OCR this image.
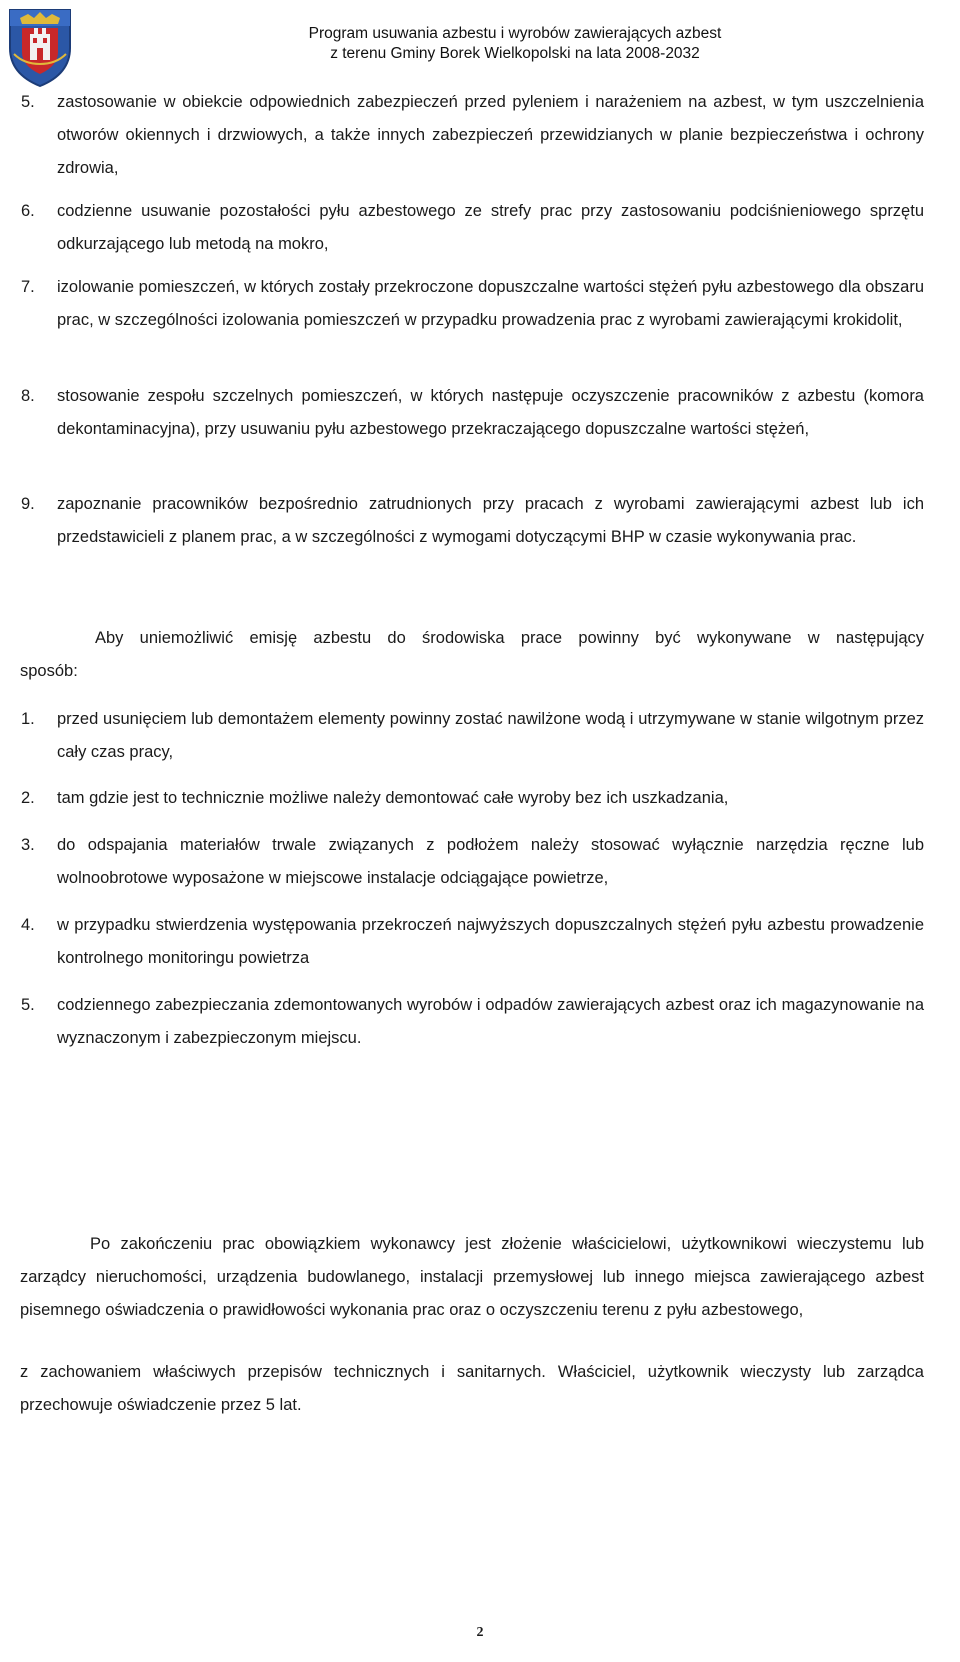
Program usuwania azbestu i wyrobów zawierających azbest
z terenu Gminy Borek Wielkopolski na lata 2008-2032
5. zastosowanie w obiekcie odpowiednich zabezpieczeń przed pyleniem i narażeniem na azbest, w tym uszczelnienia otworów okiennych i drzwiowych, a także innych zabezpieczeń przewidzianych w planie bezpieczeństwa i ochrony zdrowia,
6. codzienne usuwanie pozostałości pyłu azbestowego ze strefy prac przy zastosowaniu podciśnieniowego sprzętu odkurzającego lub metodą na mokro,
7. izolowanie pomieszczeń, w których zostały przekroczone dopuszczalne wartości stężeń pyłu azbestowego dla obszaru prac, w szczególności izolowania pomieszczeń w przypadku prowadzenia prac z wyrobami zawierającymi krokidolit,
8. stosowanie zespołu szczelnych pomieszczeń, w których następuje oczyszczenie pracowników z azbestu (komora dekontaminacyjna), przy usuwaniu pyłu azbestowego przekraczającego dopuszczalne wartości stężeń,
9. zapoznanie pracowników bezpośrednio zatrudnionych przy pracach z wyrobami zawierającymi azbest lub ich przedstawicieli z planem prac, a w szczególności z wymogami dotyczącymi BHP w czasie wykonywania prac.
Aby uniemożliwić emisję azbestu do środowiska prace powinny być wykonywane w następujący
sposób:
1. przed usunięciem lub demontażem elementy powinny zostać nawilżone wodą i utrzymywane w stanie wilgotnym przez cały czas pracy,
2. tam gdzie jest to technicznie możliwe należy demontować całe wyroby bez ich uszkadzania,
3. do odspajania materiałów trwale związanych z podłożem należy stosować wyłącznie narzędzia ręczne lub wolnoobrotowe wyposażone w miejscowe instalacje odciągające powietrze,
4. w przypadku stwierdzenia występowania przekroczeń najwyższych dopuszczalnych stężeń pyłu azbestu prowadzenie kontrolnego monitoringu powietrza
5. codziennego zabezpieczania zdemontowanych wyrobów i odpadów zawierających azbest oraz ich magazynowanie na wyznaczonym i zabezpieczonym miejscu.
Po zakończeniu prac obowiązkiem wykonawcy jest złożenie właścicielowi, użytkownikowi wieczystemu lub zarządcy nieruchomości, urządzenia budowlanego, instalacji przemysłowej lub innego miejsca zawierającego azbest pisemnego oświadczenia o prawidłowości wykonania prac oraz o oczyszczeniu terenu z pyłu azbestowego,
z zachowaniem właściwych przepisów technicznych i sanitarnych. Właściciel, użytkownik wieczysty lub zarządca przechowuje oświadczenie przez 5 lat.
2
